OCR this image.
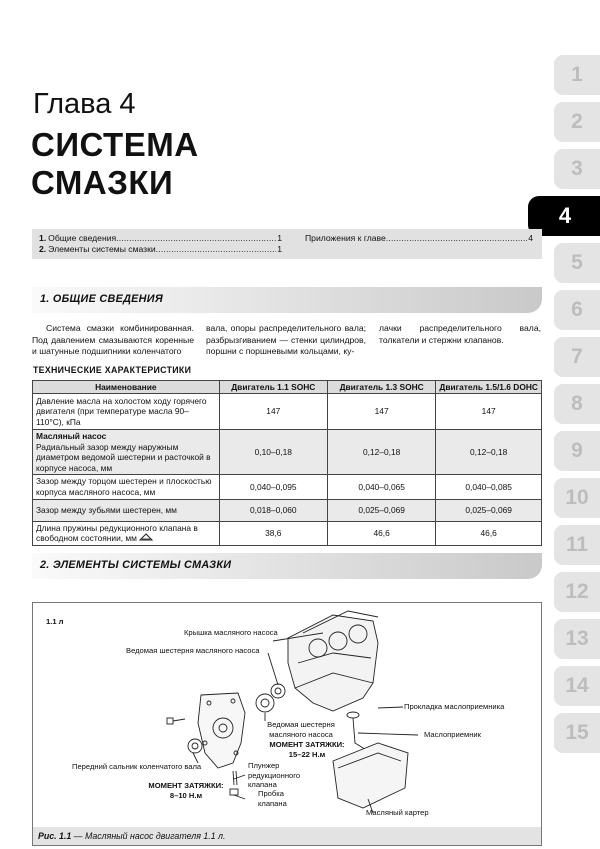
1
2
3
4
5
6
7
8
9
10
11
12
13
14
15
Глава 4
СИСТЕМА
СМАЗКИ
1. Общие сведения .....	1
2. Элементы системы смазки .....	1
Приложения к главе .....	4
1. ОБЩИЕ СВЕДЕНИЯ
Система смазки комбинированная. Под давлением смазываются коренные и шатунные подшипники коленчатого
вала, опоры распределительного вала; разбрызгиванием — стенки цилиндров, поршни с поршневыми кольцами, ку-
лачки распределительного вала, толкатели и стержни клапанов.
ТЕХНИЧЕСКИЕ ХАРАКТЕРИСТИКИ
Наименование	Двигатель 1.1 SOHC	Двигатель 1.3 SOHC	Двигатель 1.5/1.6 DOHC
Давление масла на холостом ходу горячего двигателя (при температуре масла 90–110°С), кПа	147	147	147
Масляный насос
Радиальный зазор между наружным диаметром ведомой шестерни и расточкой в корпусе насоса, мм	0,10–0,18	0,12–0,18	0,12–0,18
Зазор между торцом шестерен и плоскостью корпуса масляного насоса, мм	0,040–0,095	0,040–0,065	0,040–0,085
Зазор между зубьями шестерен, мм	0,018–0,060	0,025–0,069	0,025–0,069
Длина пружины редукционного клапана в свободном состоянии, мм	38,6	46,6	46,6
2. ЭЛЕМЕНТЫ СИСТЕМЫ СМАЗКИ
1.1 л
Крышка масляного насоса
Ведомая шестерня масляного насоса
Прокладка маслоприемника
Ведомая шестерня масляного насоса
МОМЕНТ ЗАТЯЖКИ:
15–22 Н.м
Маслоприемник
Передний сальник коленчатого вала	Плунжер редукционного клапана
МОМЕНТ ЗАТЯЖКИ:
8–10 Н.м	Пробка клапана
Масляный картер
Рис. 1.1 — Масляный насос двигателя 1.1 л.
